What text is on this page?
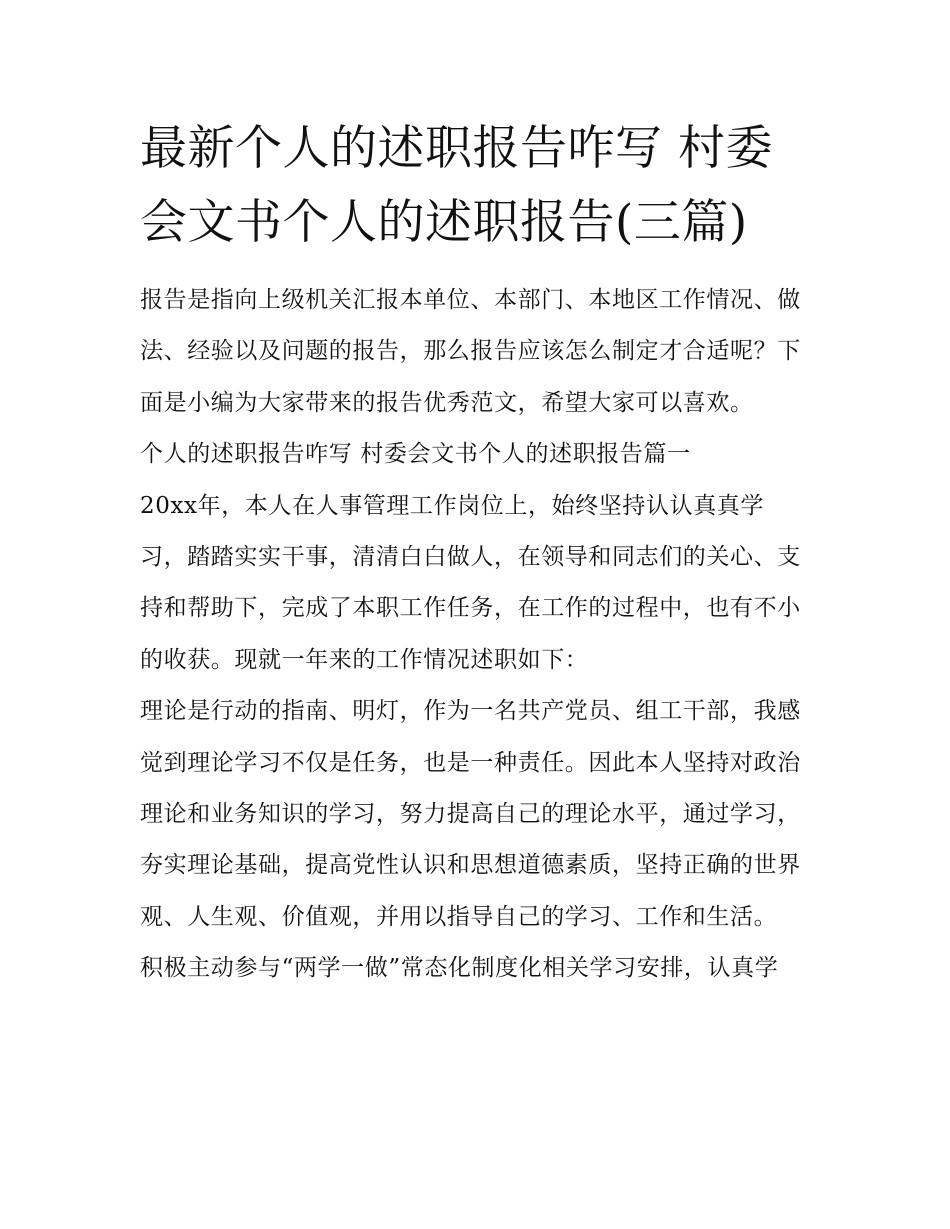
最新个人的述职报告咋写 村委会文书个人的述职报告(三篇)

报告是指向上级机关汇报本单位、本部门、本地区工作情况、做法、经验以及问题的报告，那么报告应该怎么制定才合适呢？下面是小编为大家带来的报告优秀范文，希望大家可以喜欢。

个人的述职报告咋写 村委会文书个人的述职报告篇一

20xx年，本人在人事管理工作岗位上，始终坚持认认真真学习，踏踏实实干事，清清白白做人，在领导和同志们的关心、支持和帮助下，完成了本职工作任务，在工作的过程中，也有不小的收获。现就一年来的工作情况述职如下：

理论是行动的指南、明灯，作为一名共产党员、组工干部，我感觉到理论学习不仅是任务，也是一种责任。因此本人坚持对政治理论和业务知识的学习，努力提高自己的理论水平，通过学习，夯实理论基础，提高党性认识和思想道德素质，坚持正确的世界观、人生观、价值观，并用以指导自己的学习、工作和生活。

积极主动参与“两学一做”常态化制度化相关学习安排，认真学
